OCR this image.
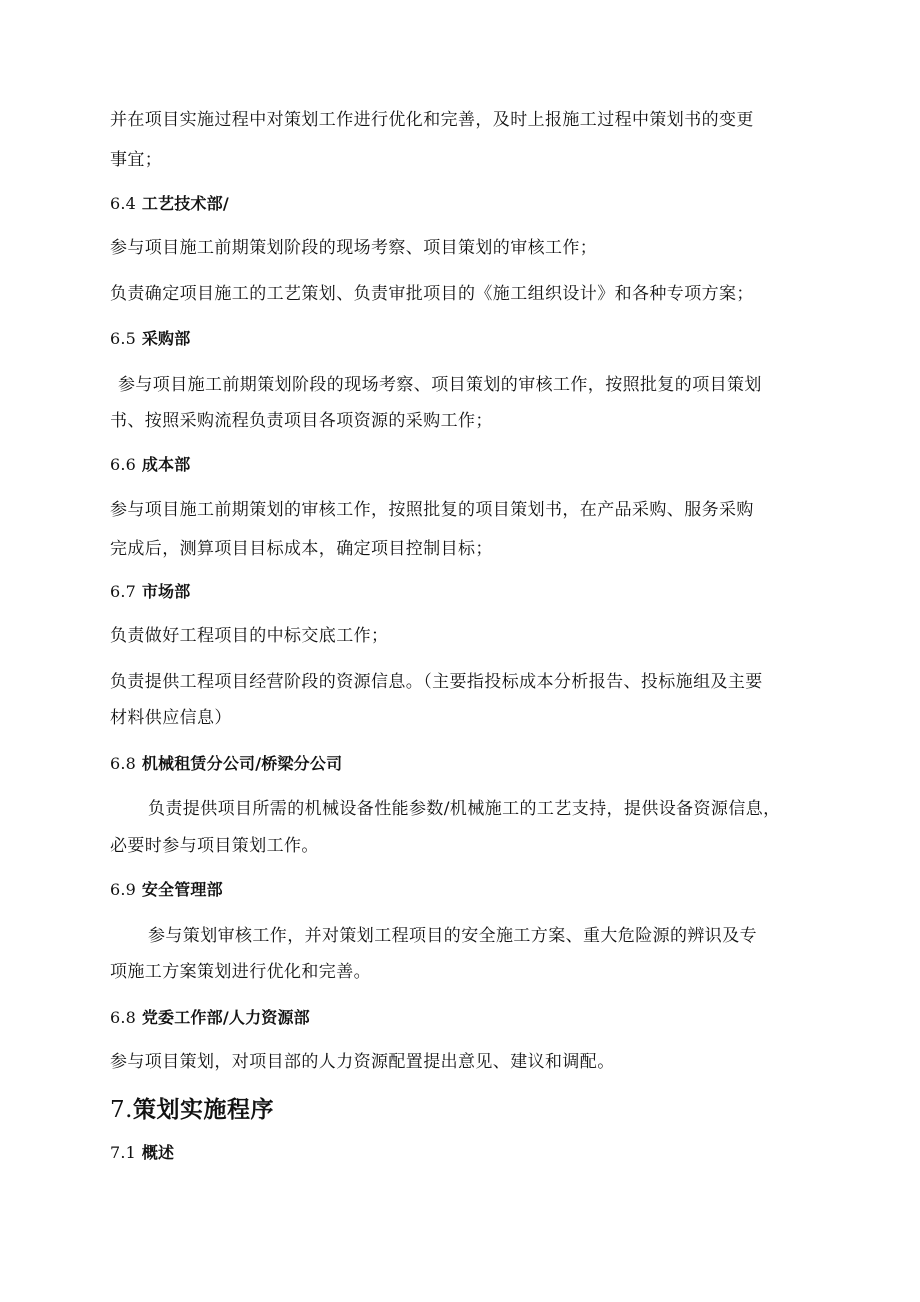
并在项目实施过程中对策划工作进行优化和完善，及时上报施工过程中策划书的变更
事宜；
6.4 工艺技术部/
参与项目施工前期策划阶段的现场考察、项目策划的审核工作；
负责确定项目施工的工艺策划、负责审批项目的《施工组织设计》和各种专项方案；
6.5 采购部
参与项目施工前期策划阶段的现场考察、项目策划的审核工作，按照批复的项目策划
书、按照采购流程负责项目各项资源的采购工作；
6.6 成本部
参与项目施工前期策划的审核工作，按照批复的项目策划书，在产品采购、服务采购
完成后，测算项目目标成本，确定项目控制目标；
6.7 市场部
负责做好工程项目的中标交底工作；
负责提供工程项目经营阶段的资源信息。（主要指投标成本分析报告、投标施组及主要
材料供应信息）
6.8 机械租赁分公司/桥梁分公司
负责提供项目所需的机械设备性能参数/机械施工的工艺支持，提供设备资源信息，
必要时参与项目策划工作。
6.9 安全管理部
参与策划审核工作，并对策划工程项目的安全施工方案、重大危险源的辨识及专
项施工方案策划进行优化和完善。
6.8 党委工作部/人力资源部
参与项目策划，对项目部的人力资源配置提出意见、建议和调配。
7.策划实施程序
7.1 概述
